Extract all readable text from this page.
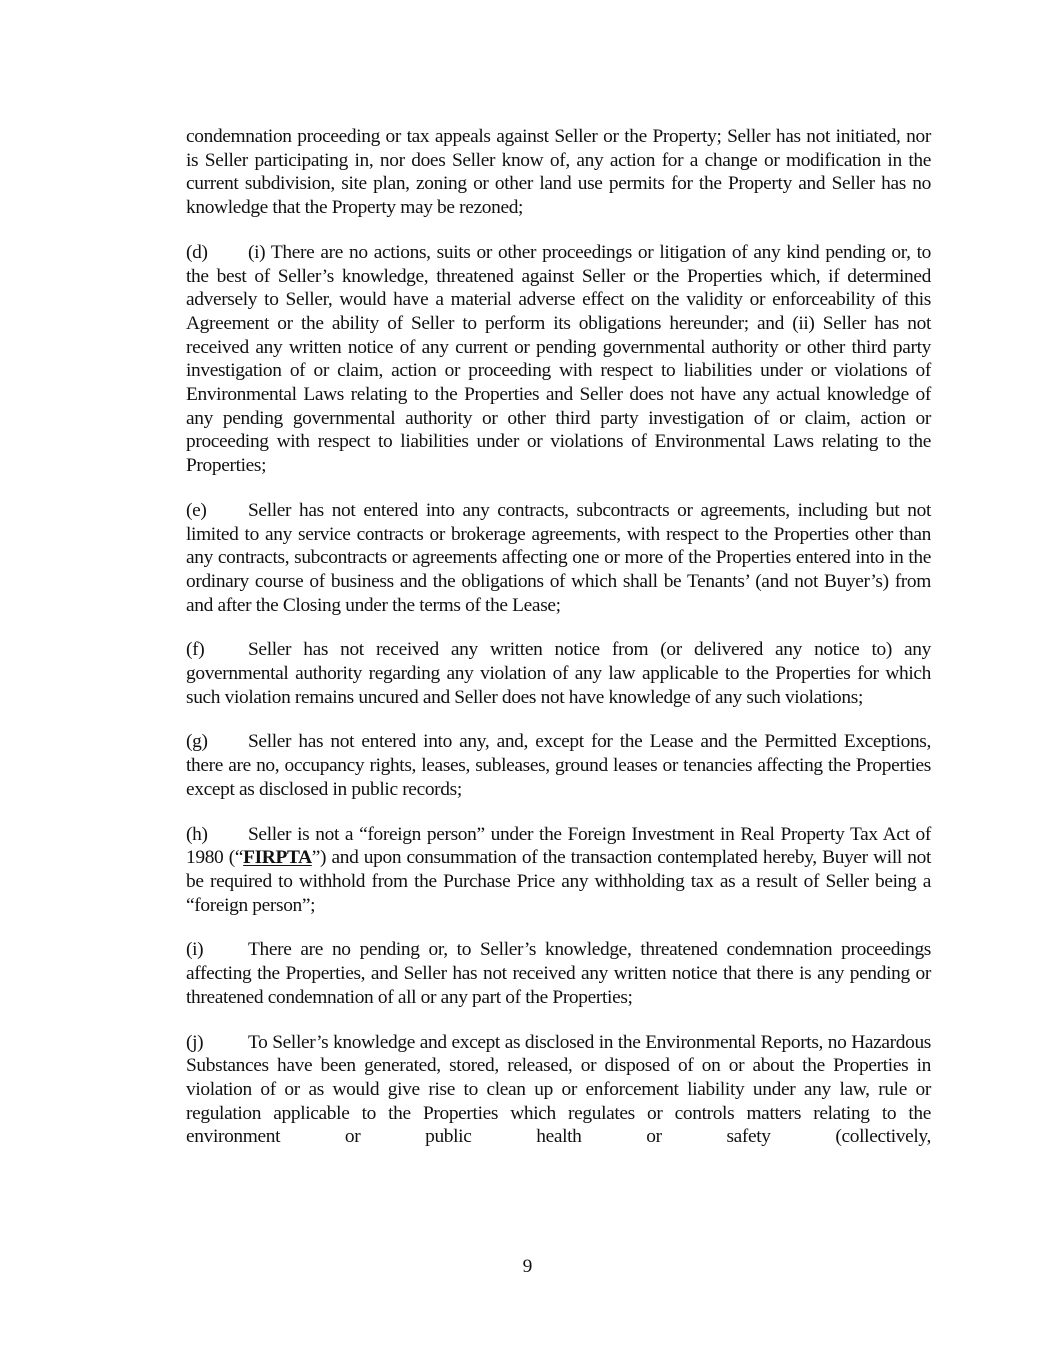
condemnation proceeding or tax appeals against Seller or the Property; Seller has not initiated, nor is Seller participating in, nor does Seller know of, any action for a change or modification in the current subdivision, site plan, zoning or other land use permits for the Property and Seller has no knowledge that the Property may be rezoned;

(d) (i) There are no actions, suits or other proceedings or litigation of any kind pending or, to the best of Seller’s knowledge, threatened against Seller or the Properties which, if determined adversely to Seller, would have a material adverse effect on the validity or enforceability of this Agreement or the ability of Seller to perform its obligations hereunder; and (ii) Seller has not received any written notice of any current or pending governmental authority or other third party investigation of or claim, action or proceeding with respect to liabilities under or violations of Environmental Laws relating to the Properties and Seller does not have any actual knowledge of any pending governmental authority or other third party investigation of or claim, action or proceeding with respect to liabilities under or violations of Environmental Laws relating to the Properties;

(e) Seller has not entered into any contracts, subcontracts or agreements, including but not limited to any service contracts or brokerage agreements, with respect to the Properties other than any contracts, subcontracts or agreements affecting one or more of the Properties entered into in the ordinary course of business and the obligations of which shall be Tenants’ (and not Buyer’s) from and after the Closing under the terms of the Lease;

(f) Seller has not received any written notice from (or delivered any notice to) any governmental authority regarding any violation of any law applicable to the Properties for which such violation remains uncured and Seller does not have knowledge of any such violations;

(g) Seller has not entered into any, and, except for the Lease and the Permitted Exceptions, there are no, occupancy rights, leases, subleases, ground leases or tenancies affecting the Properties except as disclosed in public records;

(h) Seller is not a “foreign person” under the Foreign Investment in Real Property Tax Act of 1980 (“FIRPTA”) and upon consummation of the transaction contemplated hereby, Buyer will not be required to withhold from the Purchase Price any withholding tax as a result of Seller being a “foreign person”;

(i) There are no pending or, to Seller’s knowledge, threatened condemnation proceedings affecting the Properties, and Seller has not received any written notice that there is any pending or threatened condemnation of all or any part of the Properties;

(j) To Seller’s knowledge and except as disclosed in the Environmental Reports, no Hazardous Substances have been generated, stored, released, or disposed of on or about the Properties in violation of or as would give rise to clean up or enforcement liability under any law, rule or regulation applicable to the Properties which regulates or controls matters relating to the environment or public health or safety (collectively,

9
